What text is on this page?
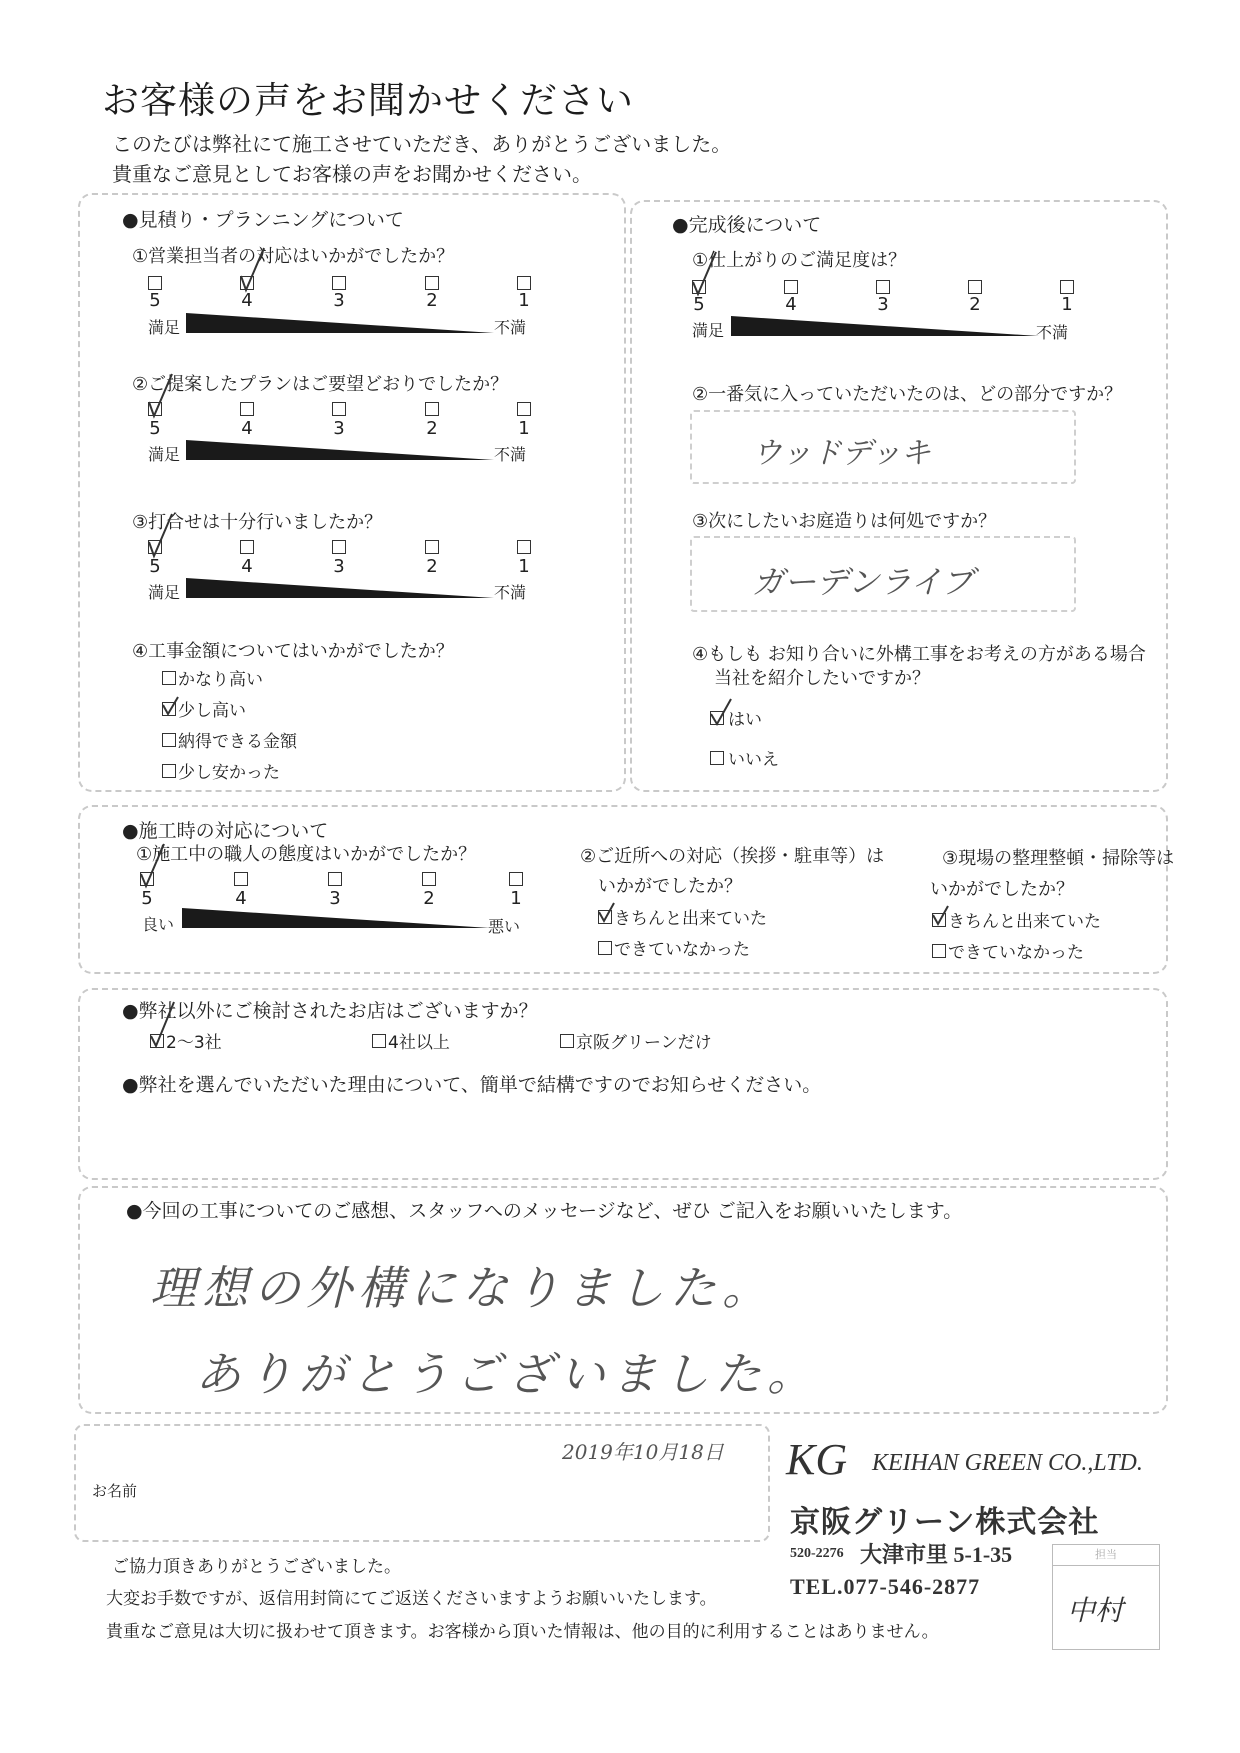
お客様の声をお聞かせください
このたびは弊社にて施工させていただき、ありがとうございました。
貴重なご意見としてお客様の声をお聞かせください。
●見積り・プランニングについて
①営業担当者の対応はいかがでしたか？
5	4	3	2	1
満足	不満
②ご提案したプランはご要望どおりでしたか？
5	4	3	2	1
満足	不満
③打合せは十分行いましたか？
5	4	3	2	1
満足	不満
④工事金額についてはいかがでしたか？
かなり高い
少し高い
納得できる金額
少し安かった
●完成後について
①仕上がりのご満足度は？
5	4	3	2	1
満足	不満
②一番気に入っていただいたのは、どの部分ですか？
ウッドデッキ
③次にしたいお庭造りは何処ですか？
ガーデンライブ
④もしも お知り合いに外構工事をお考えの方がある場合
当社を紹介したいですか？
はい
いいえ
●施工時の対応について
①施工中の職人の態度はいかがでしたか？
5	4	3	2	1
良い	悪い
②ご近所への対応（挨拶・駐車等）は
いかがでしたか？
きちんと出来ていた
できていなかった
③現場の整理整頓・掃除等は
いかがでしたか？
きちんと出来ていた
できていなかった
●弊社以外にご検討されたお店はございますか？
2～3社	4社以上	京阪グリーンだけ
●弊社を選んでいただいた理由について、簡単で結構ですのでお知らせください。
●今回の工事についてのご感想、スタッフへのメッセージなど、ぜひ ご記入をお願いいたします。
理想の外構になりました。
ありがとうございました。
2019年10月18日
お名前
KG KEIHAN GREEN CO.,LTD.
京阪グリーン株式会社
520-2276 大津市里 5-1-35
TEL.077-546-2877
担当
中村
ご協力頂きありがとうございました。
大変お手数ですが、返信用封筒にてご返送くださいますようお願いいたします。
貴重なご意見は大切に扱わせて頂きます。お客様から頂いた情報は、他の目的に利用することはありません。
